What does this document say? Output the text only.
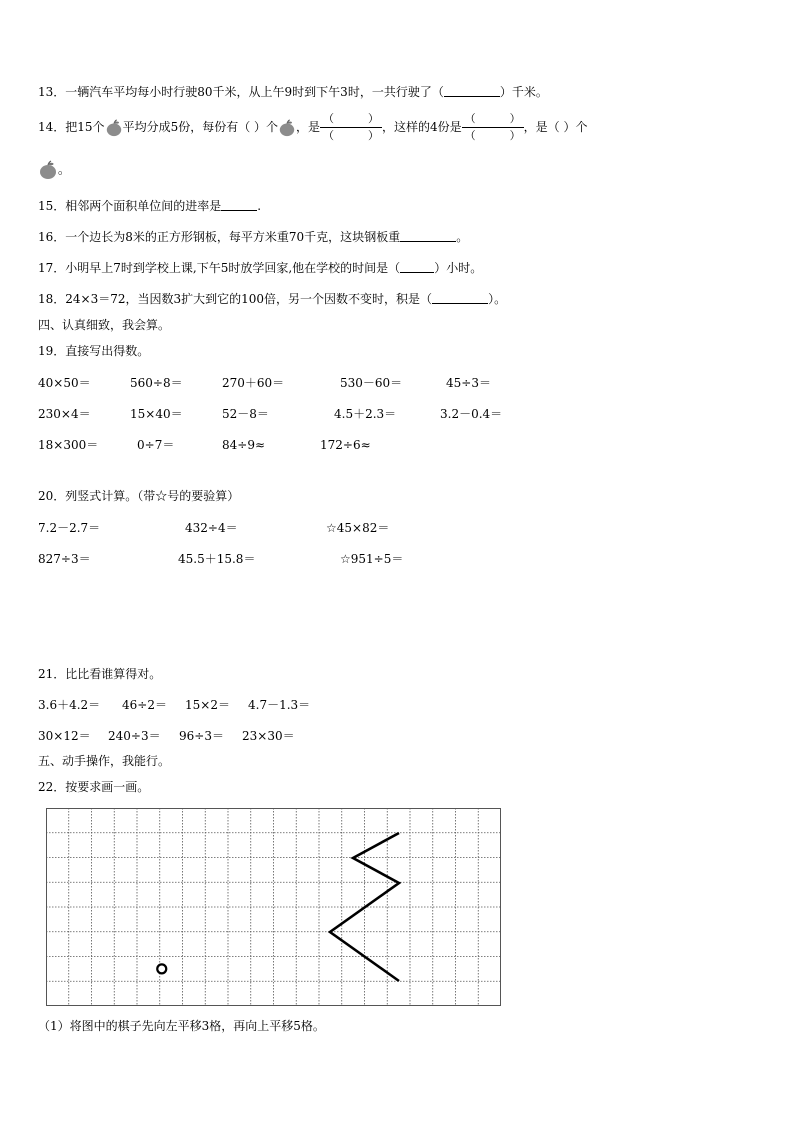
13．一辆汽车平均每小时行驶80千米，从上午9时到下午3时，一共行驶了（	）千米。
14．把15个 平均分成5份，每份有（ ）个 ，是 （	）
（	） ，这样的4份是 （	）
（	） ，是（ ）个
。
15．相邻两个面积单位间的进率是	.
16．一个边长为8米的正方形钢板，每平方米重70千克，这块钢板重	。
17．小明早上7时到学校上课,下午5时放学回家,他在学校的时间是（	）小时。
18．24×3＝72，当因数3扩大到它的100倍，另一个因数不变时，积是（	）。
四、认真细致，我会算。
19．直接写出得数。
40×50＝	560÷8＝	270＋60＝	530－60＝	45÷3＝
230×4＝	15×40＝	52－8＝	4.5＋2.3＝	3.2－0.4＝
18×300＝	0÷7＝	84÷9≈	172÷6≈
20．列竖式计算。（带☆号的要验算）
7.2－2.7＝	432÷4＝	☆45×82＝
827÷3＝	45.5＋15.8＝	☆951÷5＝
21．比比看谁算得对。
3.6＋4.2＝ 46÷2＝ 15×2＝ 4.7－1.3＝
30×12＝ 240÷3＝ 96÷3＝ 23×30＝
五、动手操作，我能行。
22．按要求画一画。
（1）将图中的棋子先向左平移3格，再向上平移5格。
